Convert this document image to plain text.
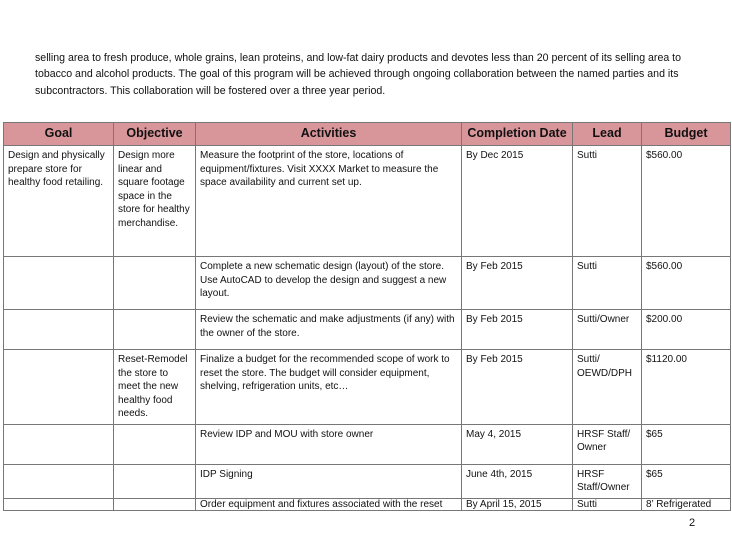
selling area to fresh produce, whole grains, lean proteins, and low-fat dairy products and devotes less than 20 percent of its selling area to tobacco and alcohol products. The goal of this program will be achieved through ongoing collaboration between the named parties and its subcontractors. This collaboration will be fostered over a three year period.

Goal	Objective	Activities	Completion Date	Lead	Budget
Design and physically prepare store for healthy food retailing.	Design more linear and square footage space in the store for healthy merchandise.	Measure the footprint of the store, locations of equipment/fixtures. Visit XXXX Market to measure the space availability and current set up.	By Dec 2015	Sutti	$560.00
		Complete a new schematic design (layout) of the store. Use AutoCAD to develop the design and suggest a new layout.	By Feb 2015	Sutti	$560.00
		Review the schematic and make adjustments (if any) with the owner of the store.	By Feb 2015	Sutti/Owner	$200.00
	Reset-Remodel the store to meet the new healthy food needs.	Finalize a budget for the recommended scope of work to reset the store. The budget will consider equipment, shelving, refrigeration units, etc…	By Feb 2015	Sutti/ OEWD/DPH	$1120.00
		Review IDP and MOU with store owner	May 4, 2015	HRSF Staff/ Owner	$65
		IDP Signing	June 4th, 2015	HRSF Staff/Owner	$65
		Order equipment and fixtures associated with the reset	By April 15, 2015	Sutti	8’ Refrigerated
2
